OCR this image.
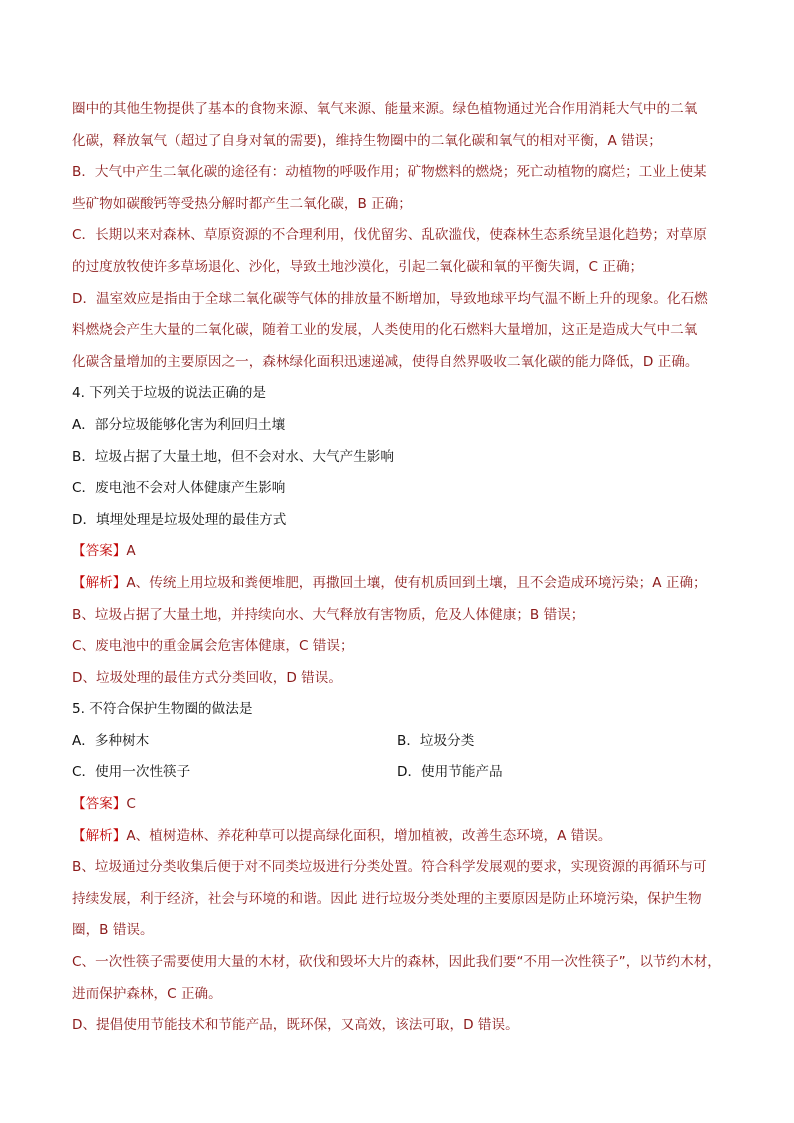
圈中的其他生物提供了基本的食物来源、氧气来源、能量来源。绿色植物通过光合作用消耗大气中的二氧
化碳，释放氧气（超过了自身对氧的需要)，维持生物圈中的二氧化碳和氧气的相对平衡，A 错误；
B．大气中产生二氧化碳的途径有：动植物的呼吸作用；矿物燃料的燃烧；死亡动植物的腐烂；工业上使某
些矿物如碳酸钙等受热分解时都产生二氧化碳，B 正确；
C．长期以来对森林、草原资源的不合理利用，伐优留劣、乱砍滥伐，使森林生态系统呈退化趋势；对草原
的过度放牧使许多草场退化、沙化，导致土地沙漠化，引起二氧化碳和氧的平衡失调，C 正确；
D．温室效应是指由于全球二氧化碳等气体的排放量不断增加，导致地球平均气温不断上升的现象。化石燃
料燃烧会产生大量的二氧化碳，随着工业的发展，人类使用的化石燃料大量增加，这正是造成大气中二氧
化碳含量增加的主要原因之一，森林绿化面积迅速递减，使得自然界吸收二氧化碳的能力降低，D 正确。
4. 下列关于垃圾的说法正确的是
A．部分垃圾能够化害为利回归土壤
B．垃圾占据了大量土地，但不会对水、大气产生影响
C．废电池不会对人体健康产生影响
D．填埋处理是垃圾处理的最佳方式
【答案】A
【解析】A、传统上用垃圾和粪便堆肥，再撒回土壤，使有机质回到土壤，且不会造成环境污染；A 正确；
B、垃圾占据了大量土地，并持续向水、大气释放有害物质，危及人体健康；B 错误；
C、废电池中的重金属会危害体健康，C 错误；
D、垃圾处理的最佳方式分类回收，D 错误。
5. 不符合保护生物圈的做法是
A．多种树木	B．垃圾分类
C．使用一次性筷子	D．使用节能产品
【答案】C
【解析】A、植树造林、养花种草可以提高绿化面积，增加植被，改善生态环境，A 错误。
B、垃圾通过分类收集后便于对不同类垃圾进行分类处置。符合科学发展观的要求，实现资源的再循环与可
持续发展，利于经济，社会与环境的和谐。因此 进行垃圾分类处理的主要原因是防止环境污染，保护生物
圈，B 错误。
C、一次性筷子需要使用大量的木材，砍伐和毁坏大片的森林，因此我们要“不用一次性筷子”，以节约木材，
进而保护森林，C 正确。
D、提倡使用节能技术和节能产品，既环保，又高效，该法可取，D 错误。
